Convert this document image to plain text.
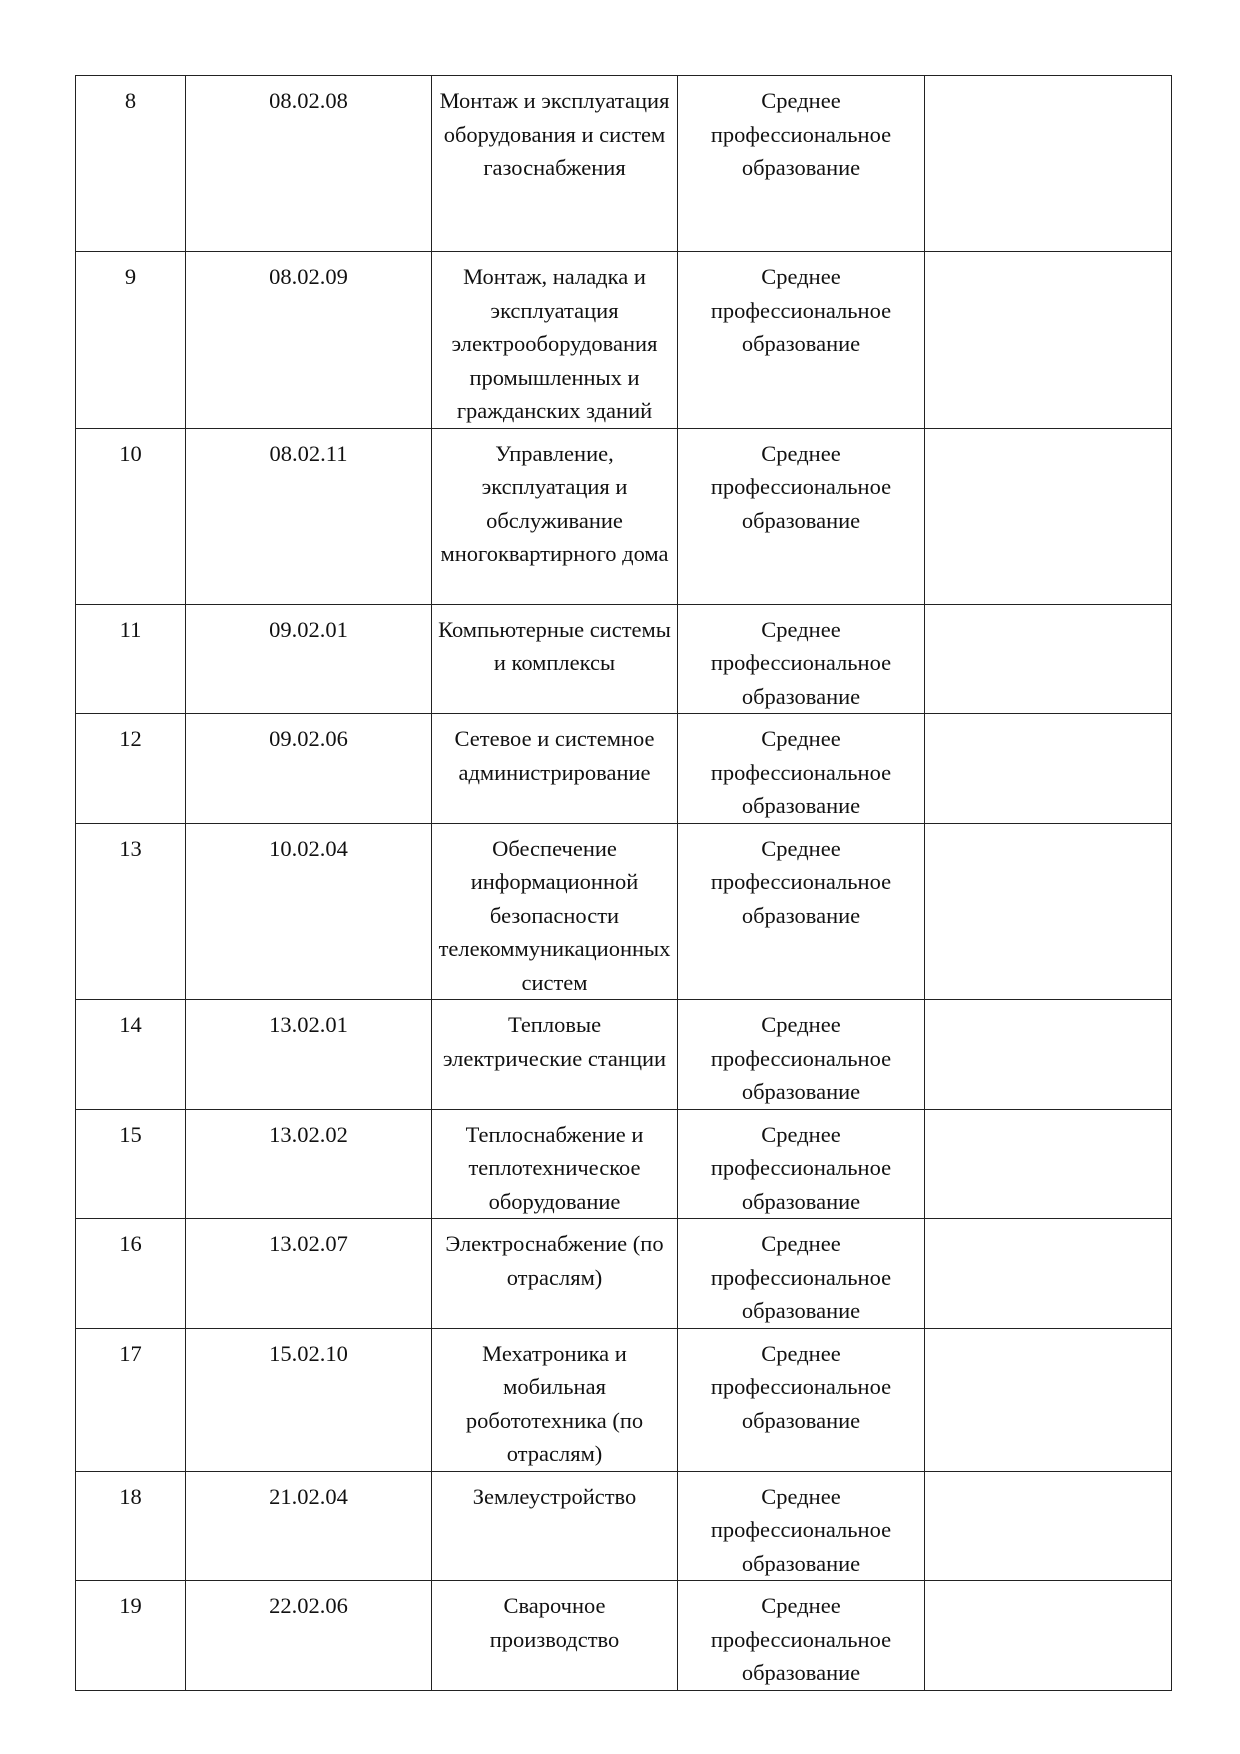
8	08.02.08	Монтаж и эксплуатация оборудования и систем газоснабжения	Среднее профессиональное образование	
9	08.02.09	Монтаж, наладка и эксплуатация электрооборудования промышленных и гражданских зданий	Среднее профессиональное образование	
10	08.02.11	Управление, эксплуатация и обслуживание многоквартирного дома	Среднее профессиональное образование	
11	09.02.01	Компьютерные системы и комплексы	Среднее профессиональное образование	
12	09.02.06	Сетевое и системное администрирование	Среднее профессиональное образование	
13	10.02.04	Обеспечение информационной безопасности телекоммуникационных систем	Среднее профессиональное образование	
14	13.02.01	Тепловые электрические станции	Среднее профессиональное образование	
15	13.02.02	Теплоснабжение и теплотехническое оборудование	Среднее профессиональное образование	
16	13.02.07	Электроснабжение (по отраслям)	Среднее профессиональное образование	
17	15.02.10	Мехатроника и мобильная робототехника (по отраслям)	Среднее профессиональное образование	
18	21.02.04	Землеустройство	Среднее профессиональное образование	
19	22.02.06	Сварочное производство	Среднее профессиональное образование	
